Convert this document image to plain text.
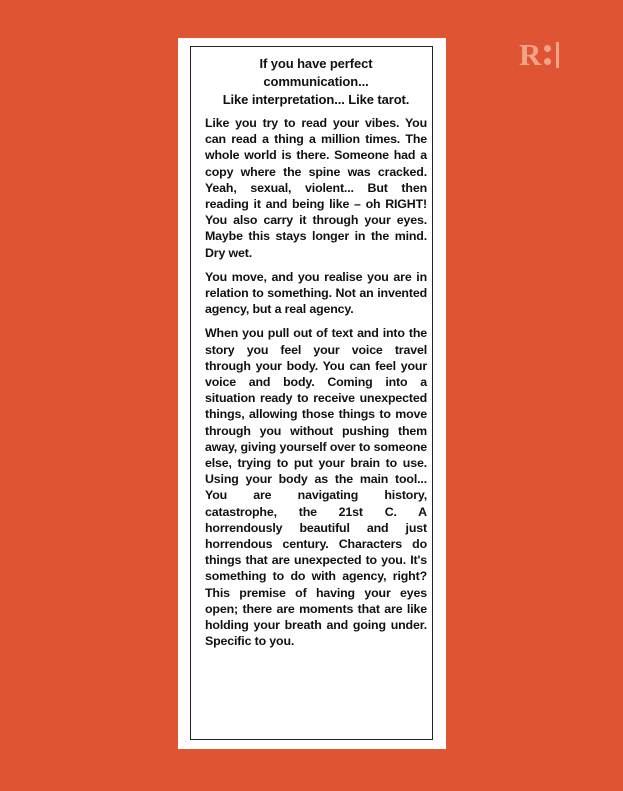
R
If you have perfect
communication...
Like interpretation... Like tarot.

Like you try to read your vibes. You can read a thing a million times. The whole world is there. Someone had a copy where the spine was cracked. Yeah, sexual, violent... But then reading it and being like – oh RIGHT! You also carry it through your eyes. Maybe this stays longer in the mind. Dry wet.

You move, and you realise you are in relation to something. Not an invented agency, but a real agency.

When you pull out of text and into the story you feel your voice travel through your body. You can feel your voice and body. Coming into a situation ready to receive unexpected things, allowing those things to move through you without pushing them away, giving yourself over to someone else, trying to put your brain to use. Using your body as the main tool... You are navigating history, catastrophe, the 21st C. A horrendously beautiful and just horrendous century. Characters do things that are unexpected to you. It's something to do with agency, right? This premise of having your eyes open; there are moments that are like holding your breath and going under. Specific to you.
